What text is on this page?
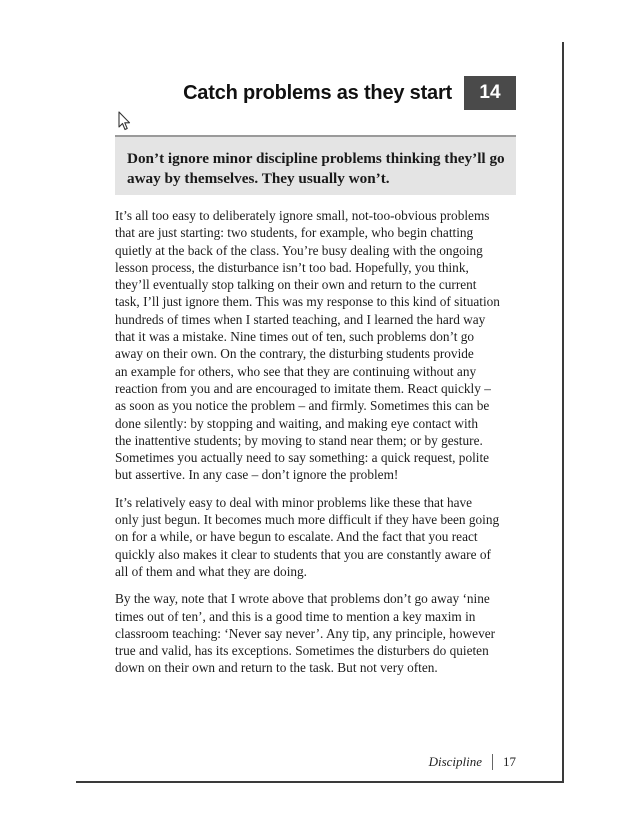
Catch problems as they start	14

Don’t ignore minor discipline problems thinking they’ll go
away by themselves. They usually won’t.

It’s all too easy to deliberately ignore small, not-too-obvious problems
that are just starting: two students, for example, who begin chatting
quietly at the back of the class. You’re busy dealing with the ongoing
lesson process, the disturbance isn’t too bad. Hopefully, you think,
they’ll eventually stop talking on their own and return to the current
task, I’ll just ignore them. This was my response to this kind of situation
hundreds of times when I started teaching, and I learned the hard way
that it was a mistake. Nine times out of ten, such problems don’t go
away on their own. On the contrary, the disturbing students provide
an example for others, who see that they are continuing without any
reaction from you and are encouraged to imitate them. React quickly –
as soon as you notice the problem – and firmly. Sometimes this can be
done silently: by stopping and waiting, and making eye contact with
the inattentive students; by moving to stand near them; or by gesture.
Sometimes you actually need to say something: a quick request, polite
but assertive. In any case – don’t ignore the problem!

It’s relatively easy to deal with minor problems like these that have
only just begun. It becomes much more difficult if they have been going
on for a while, or have begun to escalate. And the fact that you react
quickly also makes it clear to students that you are constantly aware of
all of them and what they are doing.

By the way, note that I wrote above that problems don’t go away ‘nine
times out of ten’, and this is a good time to mention a key maxim in
classroom teaching: ‘Never say never’. Any tip, any principle, however
true and valid, has its exceptions. Sometimes the disturbers do quieten
down on their own and return to the task. But not very often.

Discipline 17
